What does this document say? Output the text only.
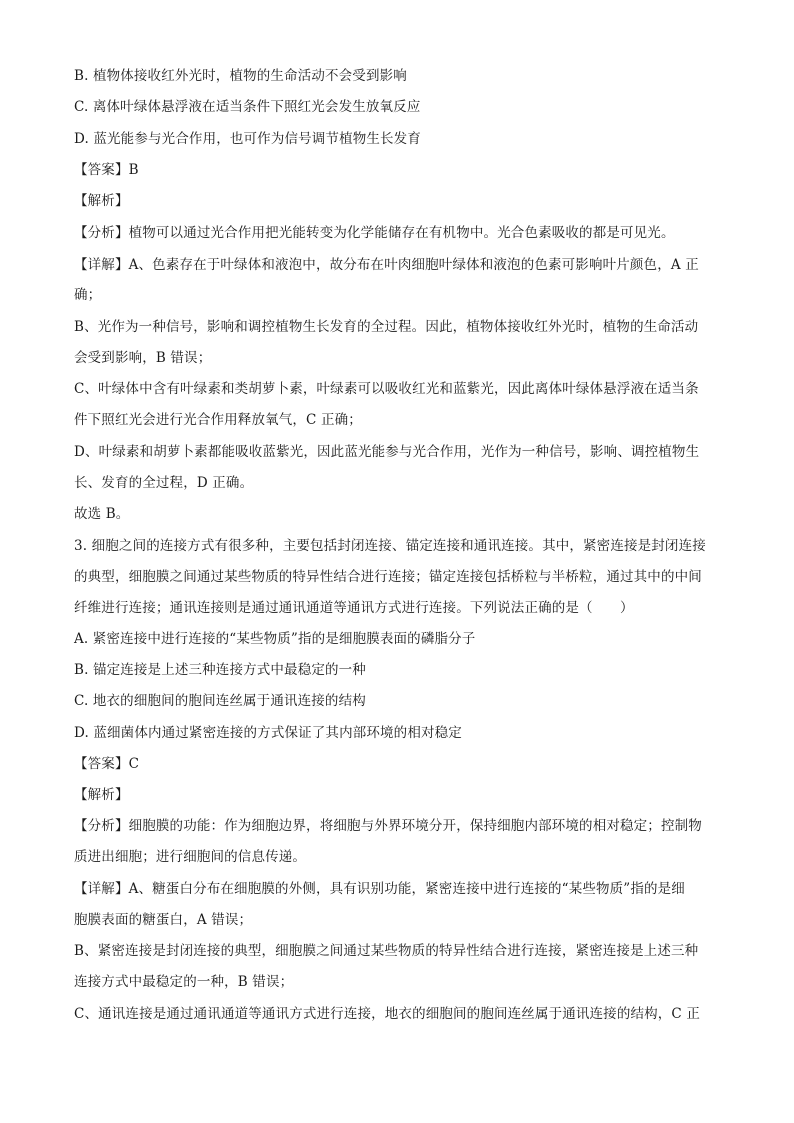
B. 植物体接收红外光时，植物的生命活动不会受到影响
C. 离体叶绿体悬浮液在适当条件下照红光会发生放氧反应
D. 蓝光能参与光合作用，也可作为信号调节植物生长发育
【答案】B
【解析】
【分析】植物可以通过光合作用把光能转变为化学能储存在有机物中。光合色素吸收的都是可见光。
【详解】A、色素存在于叶绿体和液泡中，故分布在叶肉细胞叶绿体和液泡的色素可影响叶片颜色，A 正
确；
B、光作为一种信号，影响和调控植物生长发育的全过程。因此，植物体接收红外光时，植物的生命活动
会受到影响，B 错误；
C、叶绿体中含有叶绿素和类胡萝卜素，叶绿素可以吸收红光和蓝紫光，因此离体叶绿体悬浮液在适当条
件下照红光会进行光合作用释放氧气，C 正确；
D、叶绿素和胡萝卜素都能吸收蓝紫光，因此蓝光能参与光合作用，光作为一种信号，影响、调控植物生
长、发育的全过程，D 正确。
故选 B。
3. 细胞之间的连接方式有很多种，主要包括封闭连接、锚定连接和通讯连接。其中，紧密连接是封闭连接
的典型，细胞膜之间通过某些物质的特异性结合进行连接；锚定连接包括桥粒与半桥粒，通过其中的中间
纤维进行连接；通讯连接则是通过通讯通道等通讯方式进行连接。下列说法正确的是（　　）
A. 紧密连接中进行连接的“某些物质”指的是细胞膜表面的磷脂分子
B. 锚定连接是上述三种连接方式中最稳定的一种
C. 地衣的细胞间的胞间连丝属于通讯连接的结构
D. 蓝细菌体内通过紧密连接的方式保证了其内部环境的相对稳定
【答案】C
【解析】
【分析】细胞膜的功能：作为细胞边界，将细胞与外界环境分开，保持细胞内部环境的相对稳定；控制物
质进出细胞；进行细胞间的信息传递。
【详解】A、糖蛋白分布在细胞膜的外侧，具有识别功能，紧密连接中进行连接的“某些物质”指的是细
胞膜表面的糖蛋白，A 错误；
B、紧密连接是封闭连接的典型，细胞膜之间通过某些物质的特异性结合进行连接，紧密连接是上述三种
连接方式中最稳定的一种，B 错误；
C、通讯连接是通过通讯通道等通讯方式进行连接，地衣的细胞间的胞间连丝属于通讯连接的结构，C 正
